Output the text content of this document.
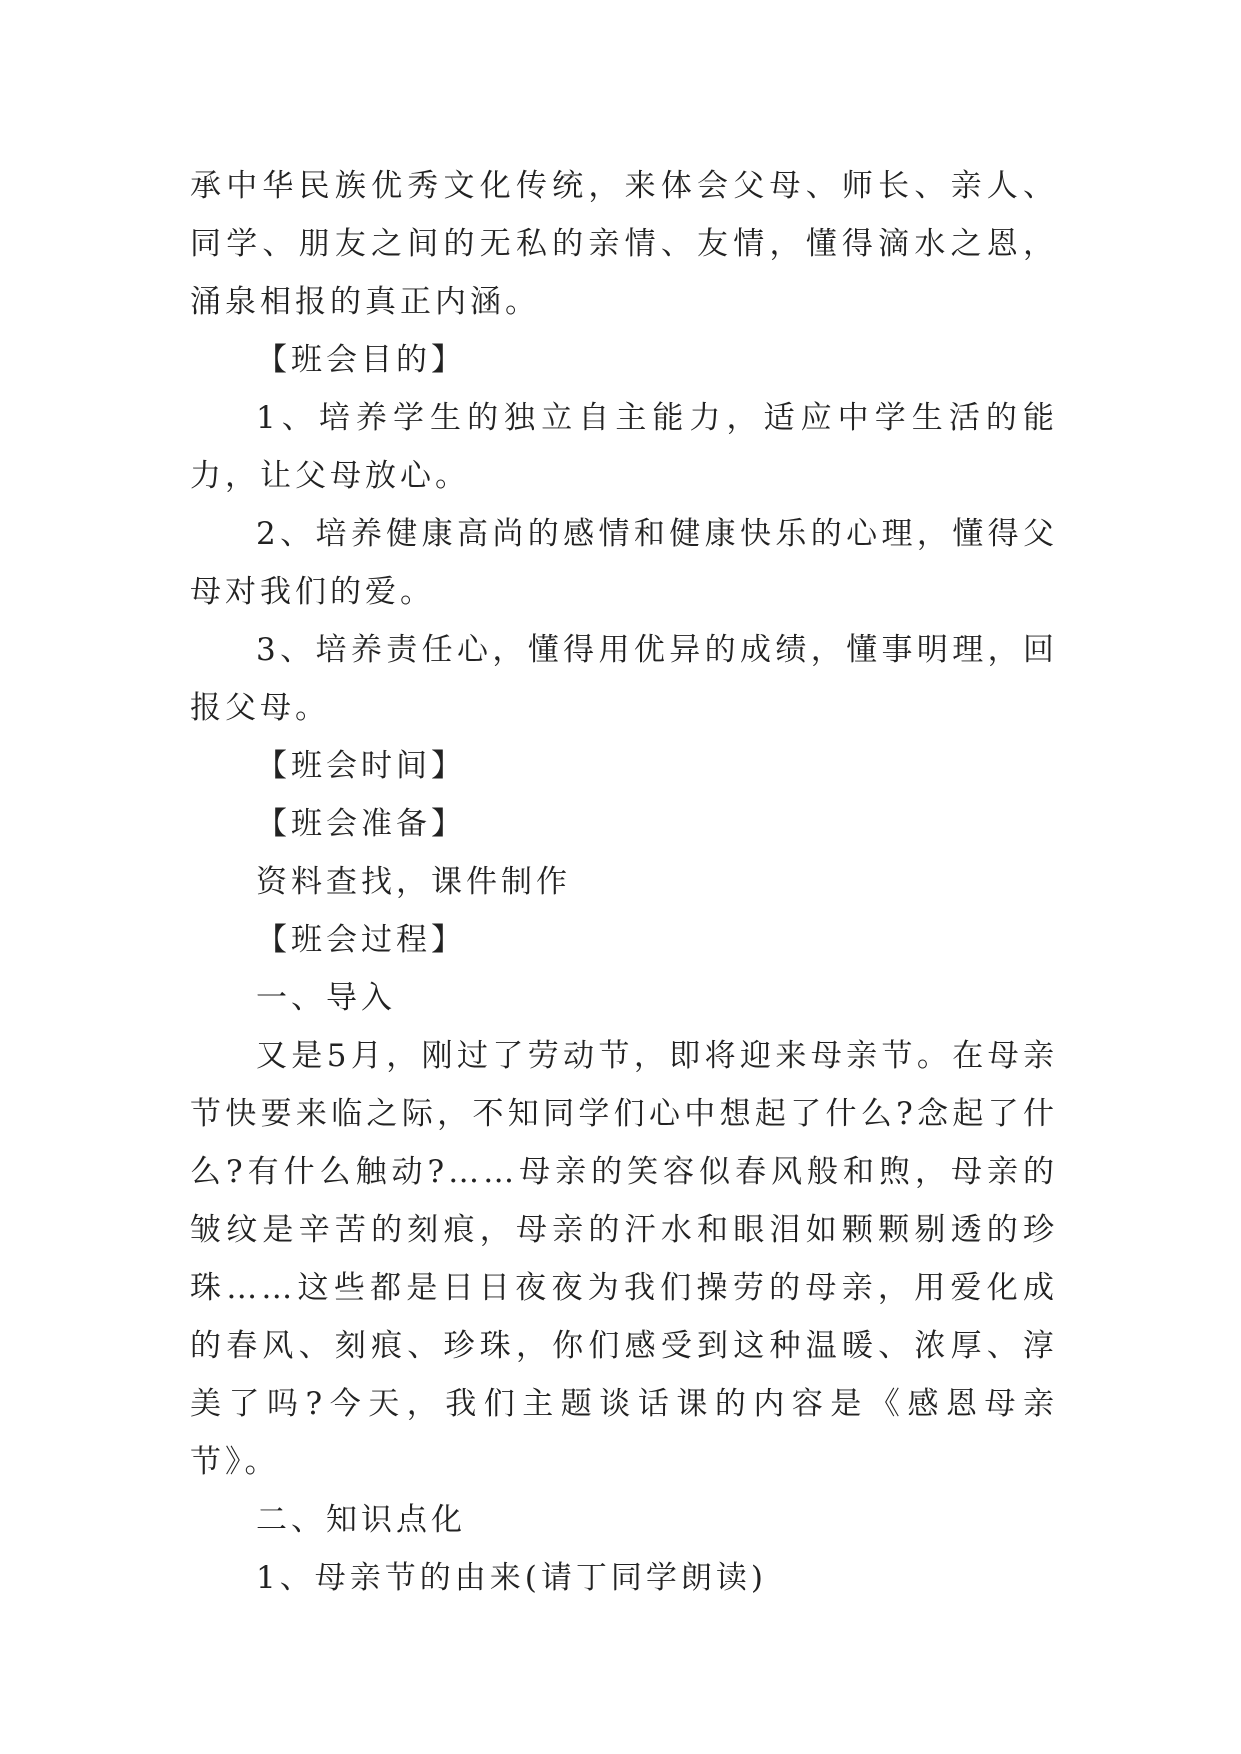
承中华民族优秀文化传统，来体会父母、师长、亲人、同学、朋友之间的无私的亲情、友情，懂得滴水之恩，涌泉相报的真正内涵。

【班会目的】

1、培养学生的独立自主能力，适应中学生活的能力，让父母放心。

2、培养健康高尚的感情和健康快乐的心理，懂得父母对我们的爱。

3、培养责任心，懂得用优异的成绩，懂事明理，回报父母。

【班会时间】

【班会准备】

资料查找，课件制作

【班会过程】

一、导入

又是5月，刚过了劳动节，即将迎来母亲节。在母亲节快要来临之际，不知同学们心中想起了什么?念起了什么?有什么触动?……母亲的笑容似春风般和煦，母亲的皱纹是辛苦的刻痕，母亲的汗水和眼泪如颗颗剔透的珍珠……这些都是日日夜夜为我们操劳的母亲，用爱化成的春风、刻痕、珍珠，你们感受到这种温暖、浓厚、淳美了吗?今天，我们主题谈话课的内容是《感恩母亲节》。

二、知识点化

1、母亲节的由来(请丁同学朗读)
